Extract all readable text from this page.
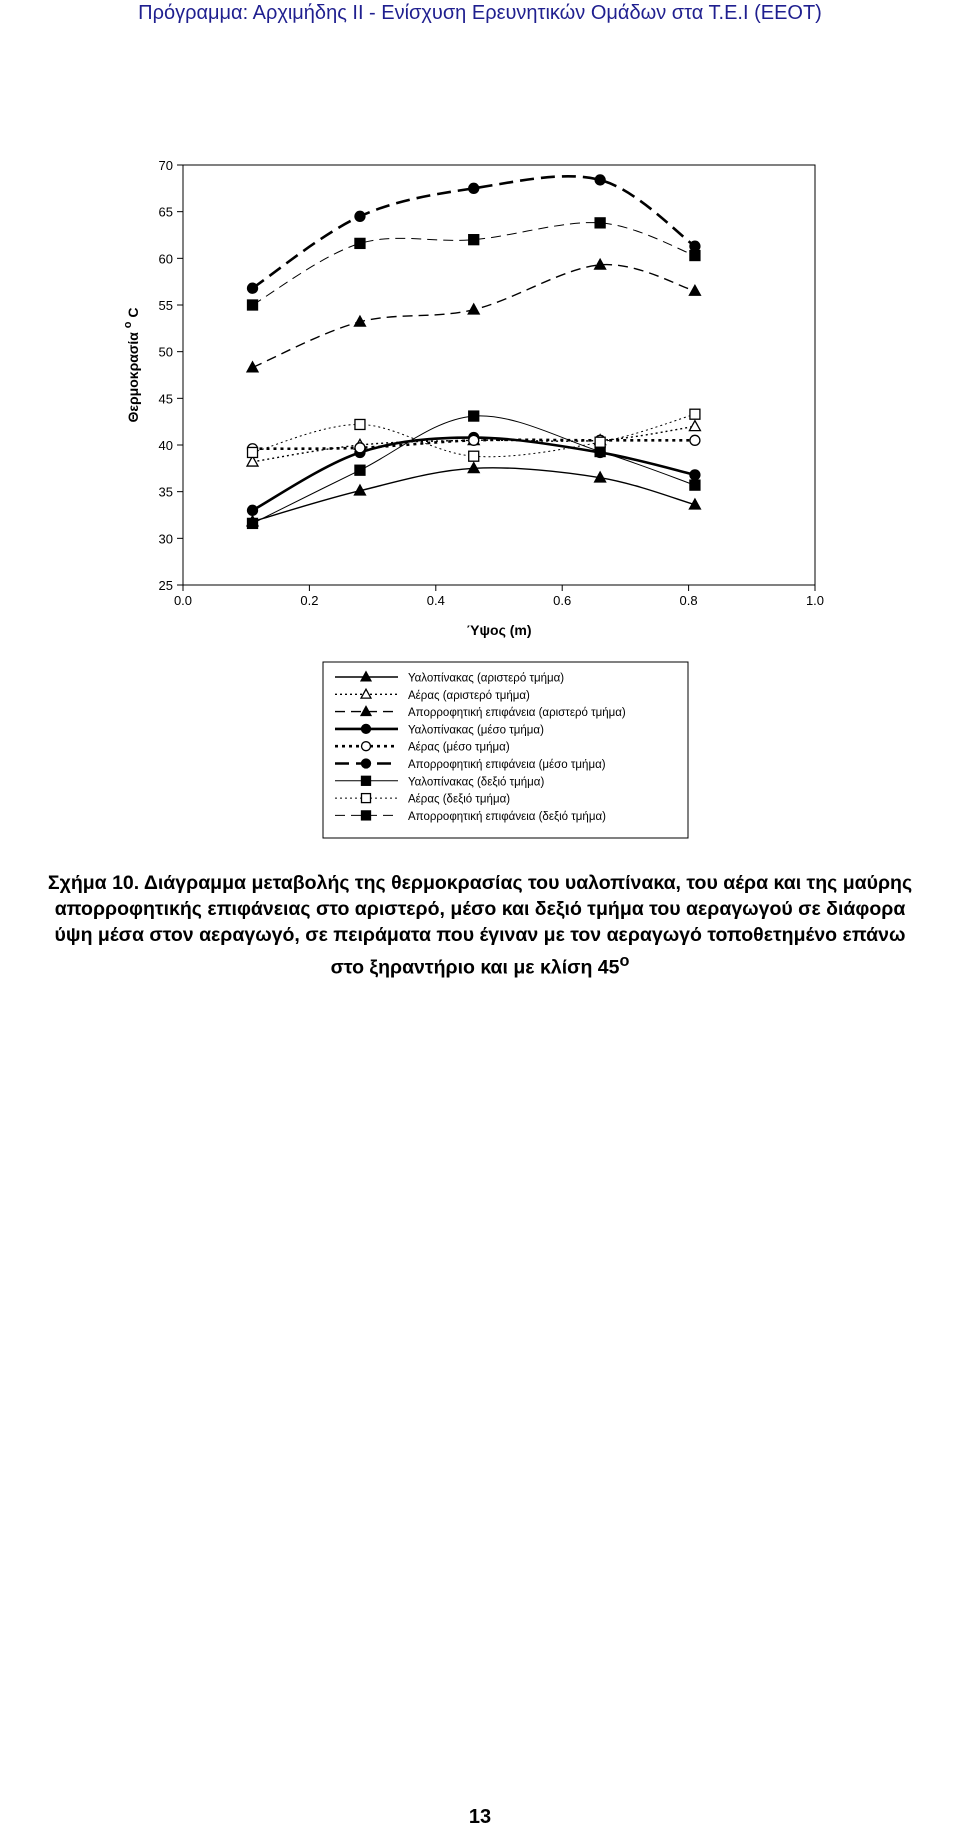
Πρόγραμμα: Αρχιμήδης ΙΙ - Ενίσχυση Ερευνητικών Ομάδων στα Τ.Ε.Ι (ΕΕΟΤ)
0.0	0.2	0.4	0.6	0.8	1.0
25
30
35
40
45
50
55
60
65
70
Ύψος (m)
Θερμοκρασία $^o$ C
Υαλοπίνακας (αριστερό τμήμα)
Αέρας (αριστερό τμήμα)
Απορροφητική επιφάνεια (αριστερό τμήμα)
Υαλοπίνακας (μέσο τμήμα)
Αέρας (μέσο τμήμα)
Απορροφητική επιφάνεια (μέσο τμήμα)
Υαλοπίνακας (δεξιό τμήμα)
Αέρας (δεξιό τμήμα)
Απορροφητική επιφάνεια (δεξιό τμήμα)
Σχήμα 10. Διάγραμμα μεταβολής της θερμοκρασίας του υαλοπίνακα, του αέρα και της μαύρης
απορροφητικής επιφάνειας στο αριστερό, μέσο και δεξιό τμήμα του αεραγωγού σε διάφορα
ύψη μέσα στον αεραγωγό, σε πειράματα που έγιναν με τον αεραγωγό τοποθετημένο επάνω
στο ξηραντήριο και με κλίση 45$^o$
13
